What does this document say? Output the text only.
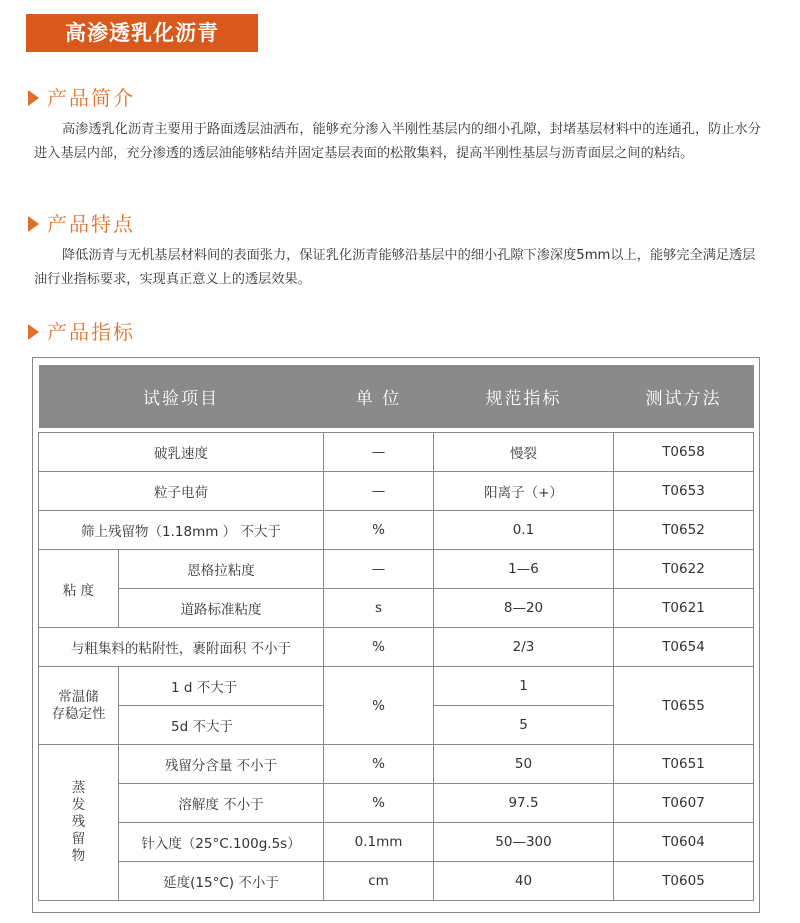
高渗透乳化沥青
产品简介

高渗透乳化沥青主要用于路面透层油洒布，能够充分渗入半刚性基层内的细小孔隙，封堵基层材料中的连通孔，防止水分进入基层内部，充分渗透的透层油能够粘结并固定基层表面的松散集料，提高半刚性基层与沥青面层之间的粘结。

产品特点

降低沥青与无机基层材料间的表面张力，保证乳化沥青能够沿基层中的细小孔隙下渗深度5mm以上，能够完全满足透层油行业指标要求，实现真正意义上的透层效果。

产品指标
试验项目		单 位	规范指标	测试方法

破乳速度		—	慢裂	T0658
粒子电荷		—	阳离子（+）	T0653
筛上残留物（1.18mm ） 不大于		%	0.1	T0652
粘 度	恩格拉粘度	—	1—6	T0622
	道路标准粘度	s	8—20	T0621
与粗集料的粘附性，裹附面积 不小于		%	2/3	T0654
常温储
存稳定性	1 d 不大于	%	1	T0655
	5d 不大于		5	
蒸
发
残
留
物	残留分含量 不小于	%	50	T0651
	溶解度 不小于	%	97.5	T0607
	针入度（25°C.100g.5s）	0.1mm	50—300	T0604
	延度(15°C) 不小于	cm	40	T0605
